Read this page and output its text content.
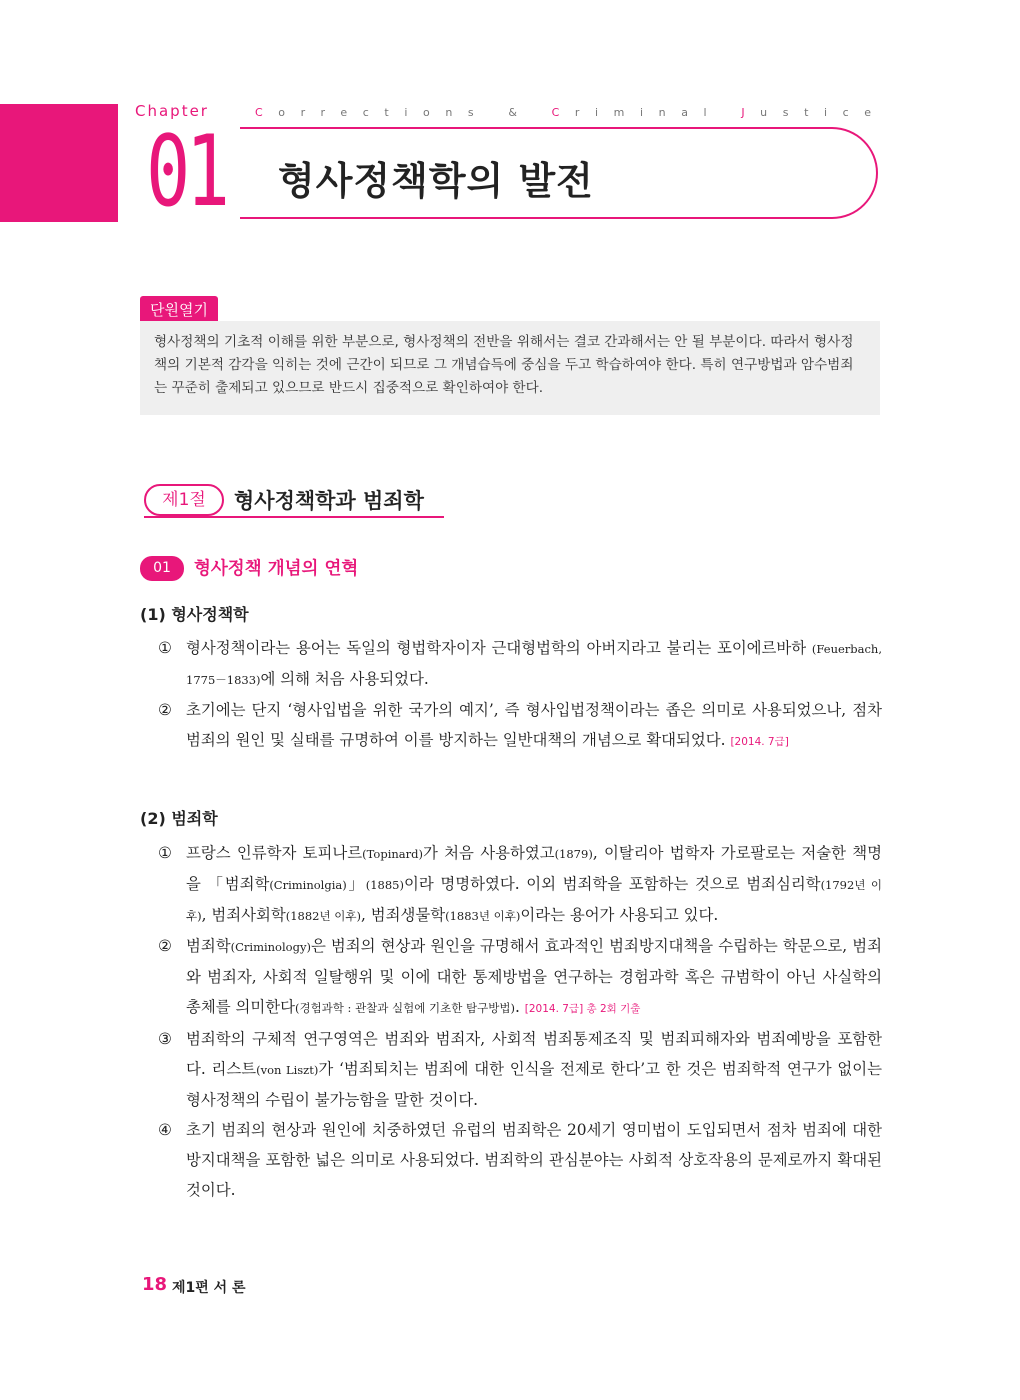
Chapter
01
Corrections & Criminal Justice
형사정책학의 발전
단원열기
형사정책의 기초적 이해를 위한 부분으로, 형사정책의 전반을 위해서는 결코 간과해서는 안 될 부분이다. 따라서 형사정책의 기본적 감각을 익히는 것에 근간이 되므로 그 개념습득에 중심을 두고 학습하여야 한다. 특히 연구방법과 암수범죄는 꾸준히 출제되고 있으므로 반드시 집중적으로 확인하여야 한다.
제1절	형사정책학과 범죄학
01	형사정책 개념의 연혁
(1) 형사정책학
① 형사정책이라는 용어는 독일의 형법학자이자 근대형법학의 아버지라고 불리는 포이에르바하 (Feuerbach, 1775－1833)에 의해 처음 사용되었다.
② 초기에는 단지 ‘형사입법을 위한 국가의 예지’, 즉 형사입법정책이라는 좁은 의미로 사용되었으나, 점차 범죄의 원인 및 실태를 규명하여 이를 방지하는 일반대책의 개념으로 확대되었다. [2014. 7급]
(2) 범죄학
① 프랑스 인류학자 토피나르(Topinard)가 처음 사용하였고(1879), 이탈리아 법학자 가로팔로는 저술한 책명을 「범죄학(Criminolgia)」(1885)이라 명명하였다. 이외 범죄학을 포함하는 것으로 범죄심리학(1792년 이후), 범죄사회학(1882년 이후), 범죄생물학(1883년 이후)이라는 용어가 사용되고 있다.
② 범죄학(Criminology)은 범죄의 현상과 원인을 규명해서 효과적인 범죄방지대책을 수립하는 학문으로, 범죄와 범죄자, 사회적 일탈행위 및 이에 대한 통제방법을 연구하는 경험과학 혹은 규범학이 아닌 사실학의 총체를 의미한다(경험과학 : 관찰과 실험에 기초한 탐구방법). [2014. 7급] 총 2회 기출
③ 범죄학의 구체적 연구영역은 범죄와 범죄자, 사회적 범죄통제조직 및 범죄피해자와 범죄예방을 포함한다. 리스트(von Liszt)가 ‘범죄퇴치는 범죄에 대한 인식을 전제로 한다’고 한 것은 범죄학적 연구가 없이는 형사정책의 수립이 불가능함을 말한 것이다.
④ 초기 범죄의 현상과 원인에 치중하였던 유럽의 범죄학은 20세기 영미법이 도입되면서 점차 범죄에 대한 방지대책을 포함한 넓은 의미로 사용되었다. 범죄학의 관심분야는 사회적 상호작용의 문제로까지 확대된 것이다.
18 제1편 서 론
